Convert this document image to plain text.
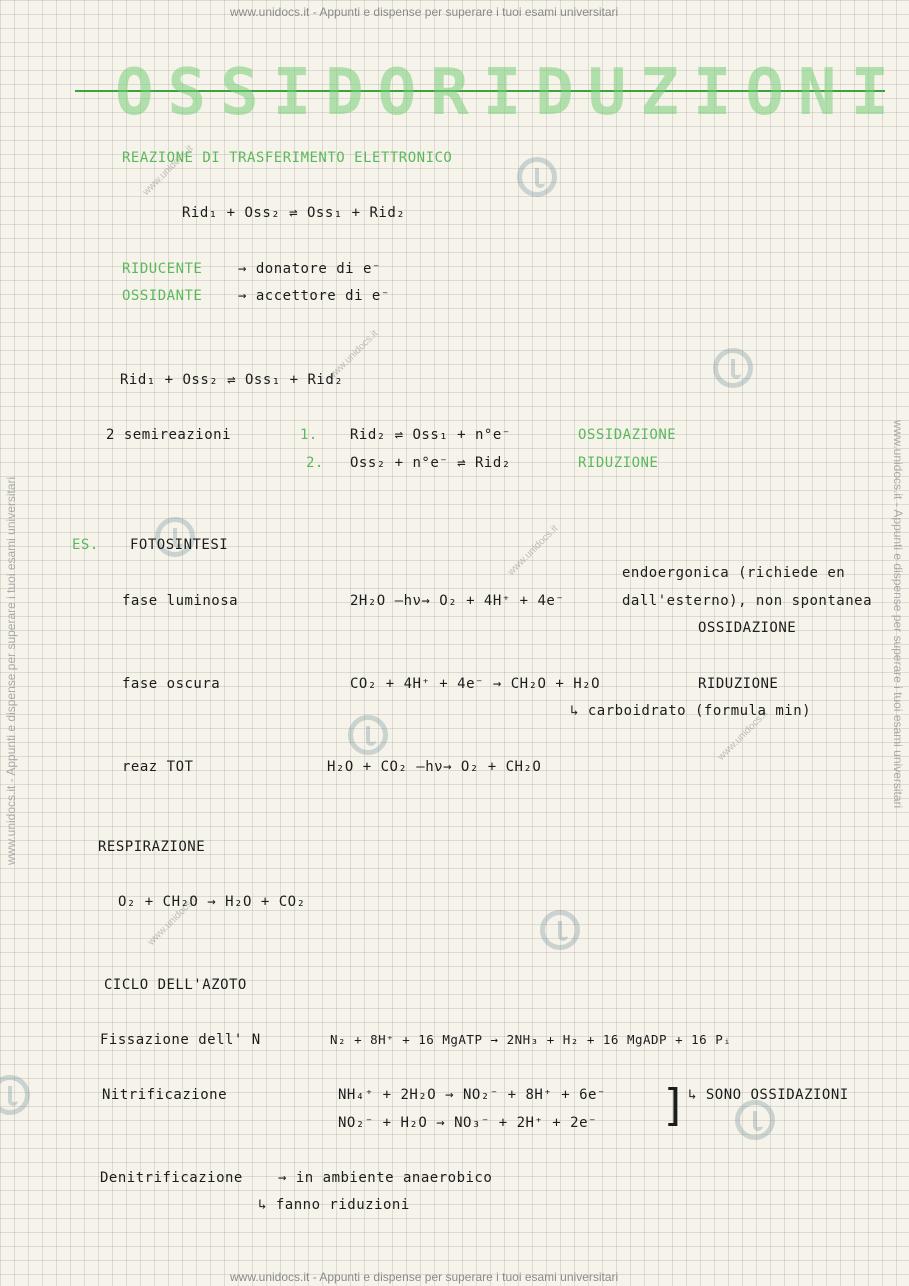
www.unidocs.it - Appunti e dispense per superare i tuoi esami universitari
www.unidocs.it - Appunti e dispense per superare i tuoi esami universitari
www.unidocs.it - Appunti e dispense per superare i tuoi esami universitari	www.unidocs.it - Appunti e dispense per superare i tuoi esami universitari
www.unidocs.it
www.unidocs.it
www.unidocs.it
www.unidocs.it
www.unidocs.it
OSSIDORIDUZIONI
REAZIONE DI TRASFERIMENTO ELETTRONICO
Rid₁ + Oss₂ ⇌ Oss₁ + Rid₂
RIDUCENTE	→ donatore di e⁻
OSSIDANTE	→ accettore di e⁻
Rid₁ + Oss₂ ⇌ Oss₁ + Rid₂
2 semireazioni	1. Rid₂ ⇌ Oss₁ + n°e⁻	OSSIDAZIONE
2. Oss₂ + n°e⁻ ⇌ Rid₂	RIDUZIONE
ES. FOTOSINTESI
endoergonica (richiede en
fase luminosa	2H₂O —hν→ O₂ + 4H⁺ + 4e⁻	dall'esterno), non spontanea
OSSIDAZIONE
fase oscura	CO₂ + 4H⁺ + 4e⁻ → CH₂O + H₂O	RIDUZIONE
↳ carboidrato (formula min)
reaz TOT	H₂O + CO₂ —hν→ O₂ + CH₂O
RESPIRAZIONE
O₂ + CH₂O → H₂O + CO₂
CICLO DELL'AZOTO
Fissazione dell' N	N₂ + 8H⁺ + 16 MgATP → 2NH₃ + H₂ + 16 MgADP + 16 Pᵢ
Nitrificazione	NH₄⁺ + 2H₂O → NO₂⁻ + 8H⁺ + 6e⁻
NO₂⁻ + H₂O → NO₃⁻ + 2H⁺ + 2e⁻ ] ↳ SONO OSSIDAZIONI
Denitrificazione	→ in ambiente anaerobico
↳ fanno riduzioni
